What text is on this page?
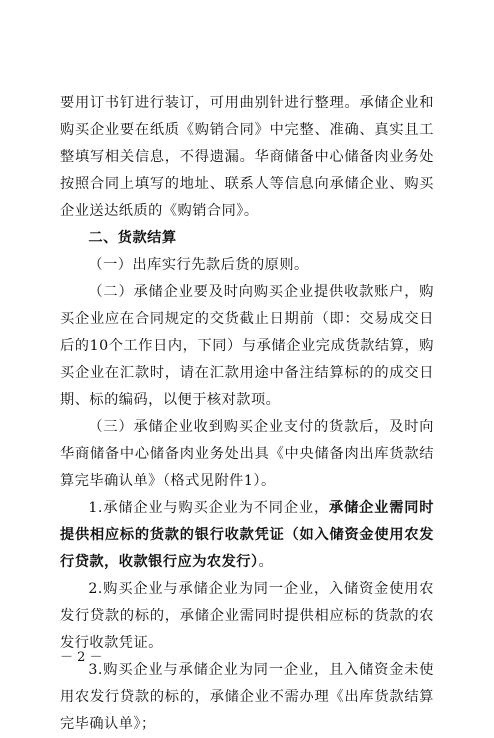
要用订书钉进行装订，可用曲别针进行整理。承储企业和购买企业要在纸质《购销合同》中完整、准确、真实且工整填写相关信息，不得遗漏。华商储备中心储备肉业务处按照合同上填写的地址、联系人等信息向承储企业、购买企业送达纸质的《购销合同》。

二、货款结算

（一）出库实行先款后货的原则。

（二）承储企业要及时向购买企业提供收款账户，购买企业应在合同规定的交货截止日期前（即：交易成交日后的10个工作日内，下同）与承储企业完成货款结算，购买企业在汇款时，请在汇款用途中备注结算标的的成交日期、标的编码，以便于核对款项。

（三）承储企业收到购买企业支付的货款后，及时向华商储备中心储备肉业务处出具《中央储备肉出库货款结算完毕确认单》（格式见附件1）。

1.承储企业与购买企业为不同企业，承储企业需同时提供相应标的货款的银行收款凭证（如入储资金使用农发行贷款，收款银行应为农发行）。

2.购买企业与承储企业为同一企业，入储资金使用农发行贷款的标的，承储企业需同时提供相应标的货款的农发行收款凭证。

3.购买企业与承储企业为同一企业，且入储资金未使用农发行贷款的标的，承储企业不需办理《出库货款结算完毕确认单》；

－ 2 －
